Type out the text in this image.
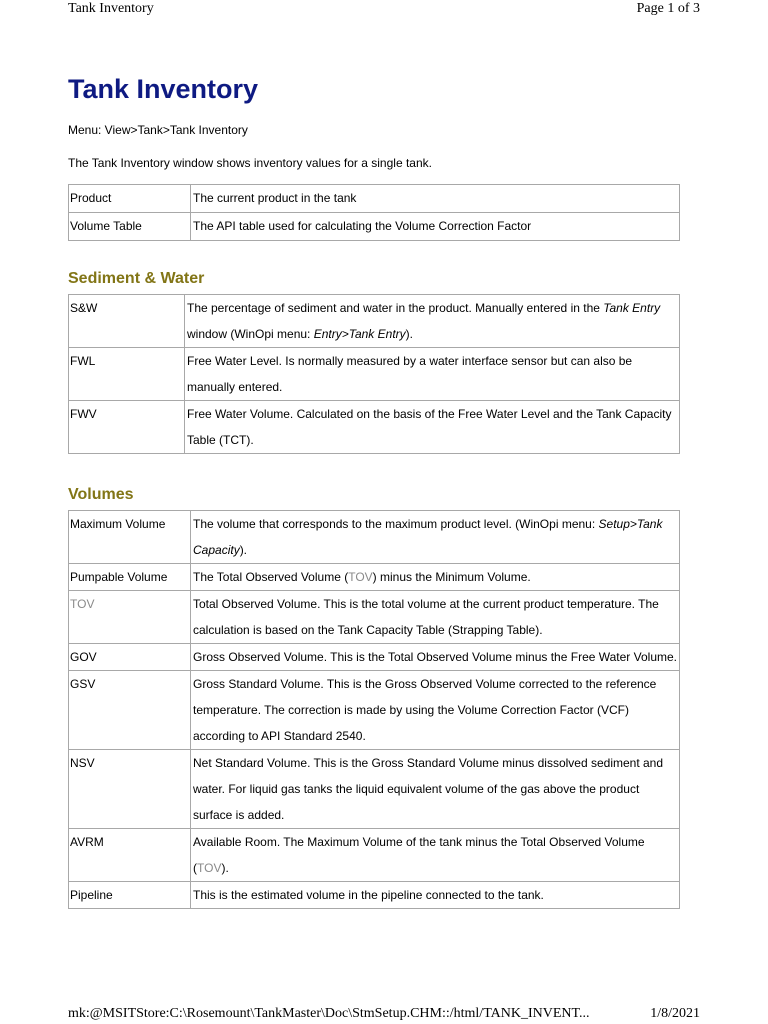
Tank Inventory	Page 1 of 3
Tank Inventory
Menu: View>Tank>Tank Inventory
The Tank Inventory window shows inventory values for a single tank.
Product	The current product in the tank
Volume Table	The API table used for calculating the Volume Correction Factor
Sediment & Water
S&W	The percentage of sediment and water in the product. Manually entered in the Tank Entry window (WinOpi menu: Entry>Tank Entry).
FWL	Free Water Level. Is normally measured by a water interface sensor but can also be manually entered.
FWV	Free Water Volume. Calculated on the basis of the Free Water Level and the Tank Capacity Table (TCT).
Volumes
Maximum Volume	The volume that corresponds to the maximum product level. (WinOpi menu: Setup>Tank Capacity).
Pumpable Volume	The Total Observed Volume (TOV) minus the Minimum Volume.
TOV	Total Observed Volume. This is the total volume at the current product temperature. The calculation is based on the Tank Capacity Table (Strapping Table).
GOV	Gross Observed Volume. This is the Total Observed Volume minus the Free Water Volume.
GSV	Gross Standard Volume. This is the Gross Observed Volume corrected to the reference temperature. The correction is made by using the Volume Correction Factor (VCF) according to API Standard 2540.
NSV	Net Standard Volume. This is the Gross Standard Volume minus dissolved sediment and water. For liquid gas tanks the liquid equivalent volume of the gas above the product surface is added.
AVRM	Available Room. The Maximum Volume of the tank minus the Total Observed Volume (TOV).
Pipeline	This is the estimated volume in the pipeline connected to the tank.
mk:@MSITStore:C:\Rosemount\TankMaster\Doc\StmSetup.CHM::/html/TANK_INVENT...	1/8/2021
